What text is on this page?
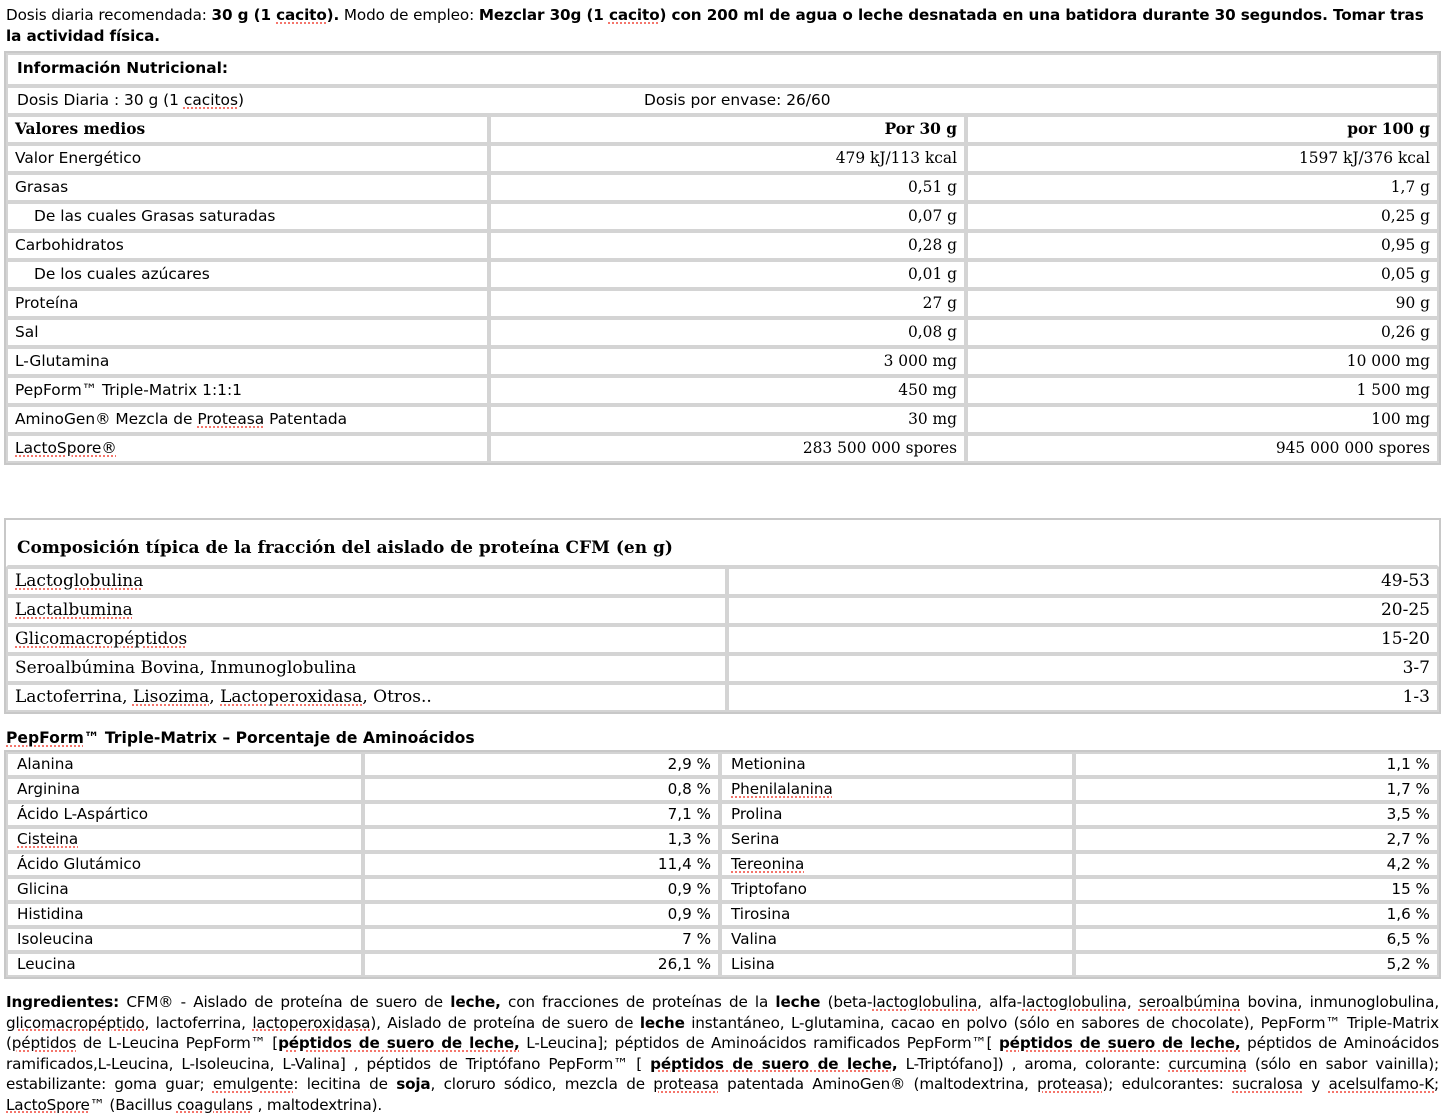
Dosis diaria recomendada: 30 g (1 cacito). Modo de empleo: Mezclar 30g (1 cacito) con 200 ml de agua o leche desnatada en una batidora durante 30 segundos. Tomar tras la actividad física.
Información Nutricional:		
Dosis Diaria : 30 g (1 cacitos) Dosis por envase: 26/60		
Valores medios	Por 30 g	por 100 g
Valor Energético	479 kJ/113 kcal	1597 kJ/376 kcal
Grasas	0,51 g	1,7 g
De las cuales Grasas saturadas	0,07 g	0,25 g
Carbohidratos	0,28 g	0,95 g
De los cuales azúcares	0,01 g	0,05 g
Proteína	27 g	90 g
Sal	0,08 g	0,26 g
L-Glutamina	3 000 mg	10 000 mg
PepForm™ Triple-Matrix 1:1:1	450 mg	1 500 mg
AminoGen® Mezcla de Proteasa Patentada	30 mg	100 mg
LactoSpore®	283 500 000 spores	945 000 000 spores
Composición típica de la fracción del aislado de proteína CFM (en g)	
Lactoglobulina	49-53
Lactalbumina	20-25
Glicomacropéptidos	15-20
Seroalbúmina Bovina, Inmunoglobulina	3-7
Lactoferrina, Lisozima, Lactoperoxidasa, Otros..	1-3
PepForm™ Triple-Matrix – Porcentaje de Aminoácidos
Alanina	2,9 %	Metionina	1,1 %
Arginina	0,8 %	Phenilalanina	1,7 %
Ácido L-Aspártico	7,1 %	Prolina	3,5 %
Cisteina	1,3 %	Serina	2,7 %
Ácido Glutámico	11,4 %	Tereonina	4,2 %
Glicina	0,9 %	Triptofano	15 %
Histidina	0,9 %	Tirosina	1,6 %
Isoleucina	7 %	Valina	6,5 %
Leucina	26,1 %	Lisina	5,2 %
Ingredientes: CFM® - Aislado de proteína de suero de leche, con fracciones de proteínas de la leche (beta-lactoglobulina, alfa-lactoglobulina, seroalbúmina bovina, inmunoglobulina, glicomacropéptido, lactoferrina, lactoperoxidasa), Aislado de proteína de suero de leche instantáneo, L-glutamina, cacao en polvo (sólo en sabores de chocolate), PepForm™ Triple-Matrix (péptidos de L-Leucina PepForm™ [péptidos de suero de leche, L-Leucina]; péptidos de Aminoácidos ramificados PepForm™[ péptidos de suero de leche, péptidos de Aminoácidos ramificados,L-Leucina, L-Isoleucina, L-Valina] , péptidos de Triptófano PepForm™ [ péptidos de suero de leche, L-Triptófano]) , aroma, colorante: curcumina (sólo en sabor vainilla); estabilizante: goma guar; emulgente: lecitina de soja, cloruro sódico, mezcla de proteasa patentada AminoGen® (maltodextrina, proteasa); edulcorantes: sucralosa y acelsulfamo-K; LactoSpore™ (Bacillus coagulans , maltodextrina).
